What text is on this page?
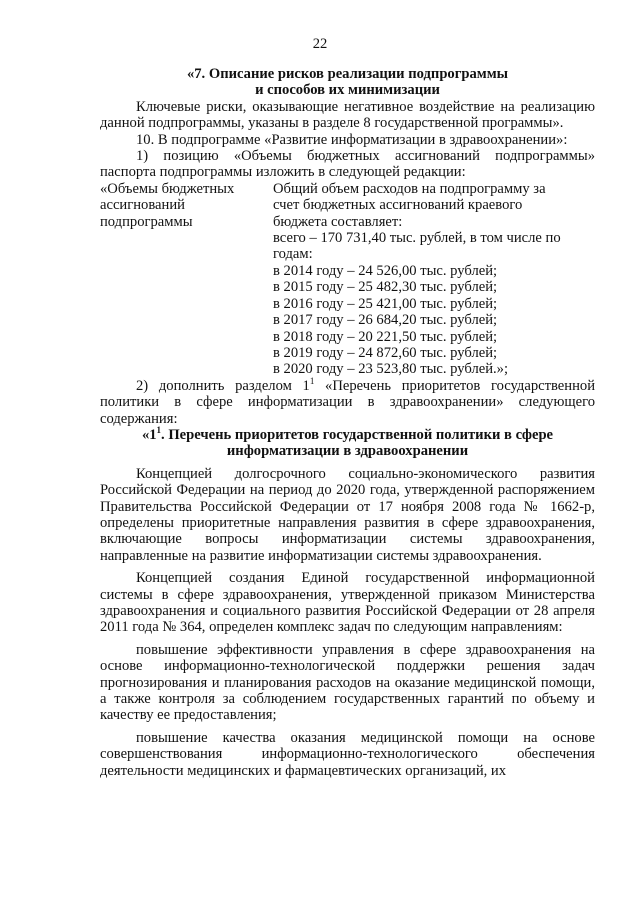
22
«7. Описание рисков реализации подпрограммы
и способов их минимизации

Ключевые риски, оказывающие негативное воздействие на реализацию данной подпрограммы, указаны в разделе 8 государственной программы».

10. В подпрограмме «Развитие информатизации в здравоохранении»:

1) позицию «Объемы бюджетных ассигнований подпрограммы» паспорта подпрограммы изложить в следующей редакции:

«Объемы бюджетных
ассигнований
подпрограммы
Общий объем расходов на подпрограмму за
счет бюджетных ассигнований краевого
бюджета составляет:
всего – 170 731,40 тыс. рублей, в том числе по
годам:
в 2014 году – 24 526,00 тыс. рублей;
в 2015 году – 25 482,30 тыс. рублей;
в 2016 году – 25 421,00 тыс. рублей;
в 2017 году – 26 684,20 тыс. рублей;
в 2018 году – 20 221,50 тыс. рублей;
в 2019 году – 24 872,60 тыс. рублей;
в 2020 году – 23 523,80 тыс. рублей.»;

2) дополнить разделом $1^1$ «Перечень приоритетов государственной политики в сфере информатизации в здравоохранении» следующего содержания:

«$1^1$. Перечень приоритетов государственной политики в сфере
информатизации в здравоохранении

Концепцией долгосрочного социально-экономического развития Российской Федерации на период до 2020 года, утвержденной распоряжением Правительства Российской Федерации от 17 ноября 2008 года № 1662-р, определены приоритетные направления развития в сфере здравоохранения, включающие вопросы информатизации системы здравоохранения, направленные на развитие информатизации системы здравоохранения.

Концепцией создания Единой государственной информационной системы в сфере здравоохранения, утвержденной приказом Министерства здравоохранения и социального развития Российской Федерации от 28 апреля 2011 года № 364, определен комплекс задач по следующим направлениям:

повышение эффективности управления в сфере здравоохранения на основе информационно-технологической поддержки решения задач прогнозирования и планирования расходов на оказание медицинской помощи, а также контроля за соблюдением государственных гарантий по объему и качеству ее предоставления;

повышение качества оказания медицинской помощи на основе совершенствования информационно-технологического обеспечения деятельности медицинских и фармацевтических организаций, их
